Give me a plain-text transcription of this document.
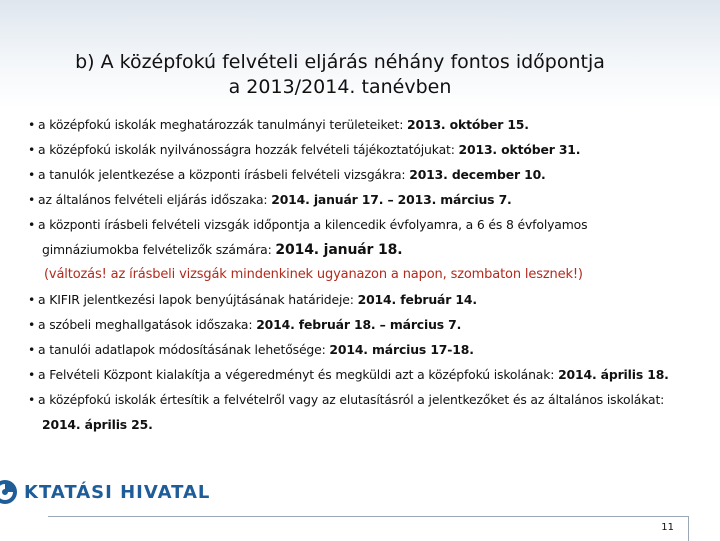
b) A középfokú felvételi eljárás néhány fontos időpontja
a 2013/2014. tanévben
• a középfokú iskolák meghatározzák tanulmányi területeiket: 2013. október 15.
• a középfokú iskolák nyilvánosságra hozzák felvételi tájékoztatójukat: 2013. október 31.
• a tanulók jelentkezése a központi írásbeli felvételi vizsgákra: 2013. december 10.
• az általános felvételi eljárás időszaka: 2014. január 17. – 2013. március 7.
• a központi írásbeli felvételi vizsgák időpontja a kilencedik évfolyamra, a 6 és 8 évfolyamos
gimnáziumokba felvételizők számára: 2014. január 18.
(változás! az írásbeli vizsgák mindenkinek ugyanazon a napon, szombaton lesznek!)
• a KIFIR jelentkezési lapok benyújtásának határideje: 2014. február 14.
• a szóbeli meghallgatások időszaka: 2014. február 18. – március 7.
• a tanulói adatlapok módosításának lehetősége: 2014. március 17-18.
• a Felvételi Központ kialakítja a végeredményt és megküldi azt a középfokú iskolának: 2014. április 18.
• a középfokú iskolák értesítik a felvételről vagy az elutasításról a jelentkezőket és az általános iskolákat:
2014. április 25.
KTATÁSI HIVATAL
11
